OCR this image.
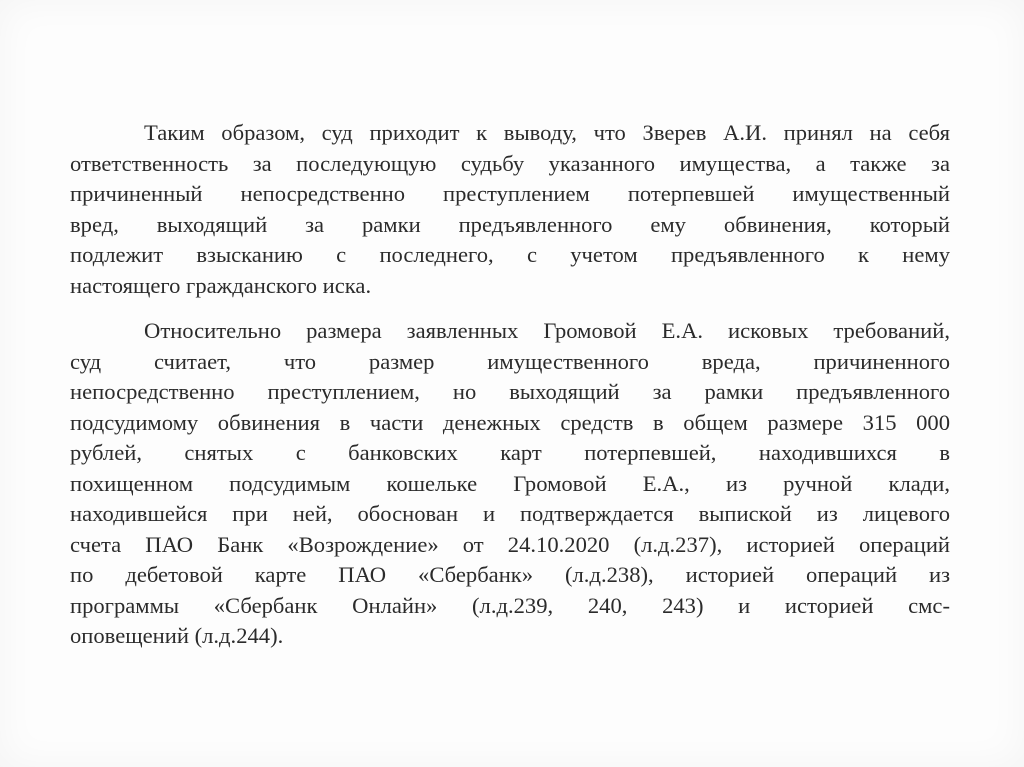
Таким образом, суд приходит к выводу, что Зверев А.И. принял на себя
ответственность за последующую судьбу указанного имущества, а также за
причиненный непосредственно преступлением потерпевшей имущественный
вред, выходящий за рамки предъявленного ему обвинения, который
подлежит взысканию с последнего, с учетом предъявленного к нему
настоящего гражданского иска.
Относительно размера заявленных Громовой Е.А. исковых требований,
суд считает, что размер имущественного вреда, причиненного
непосредственно преступлением, но выходящий за рамки предъявленного
подсудимому обвинения в части денежных средств в общем размере 315 000
рублей, снятых с банковских карт потерпевшей, находившихся в
похищенном подсудимым кошельке Громовой Е.А., из ручной клади,
находившейся при ней, обоснован и подтверждается выпиской из лицевого
счета ПАО Банк «Возрождение» от 24.10.2020 (л.д.237), историей операций
по дебетовой карте ПАО «Сбербанк» (л.д.238), историей операций из
программы «Сбербанк Онлайн» (л.д.239, 240, 243) и историей смс-
оповещений (л.д.244).
